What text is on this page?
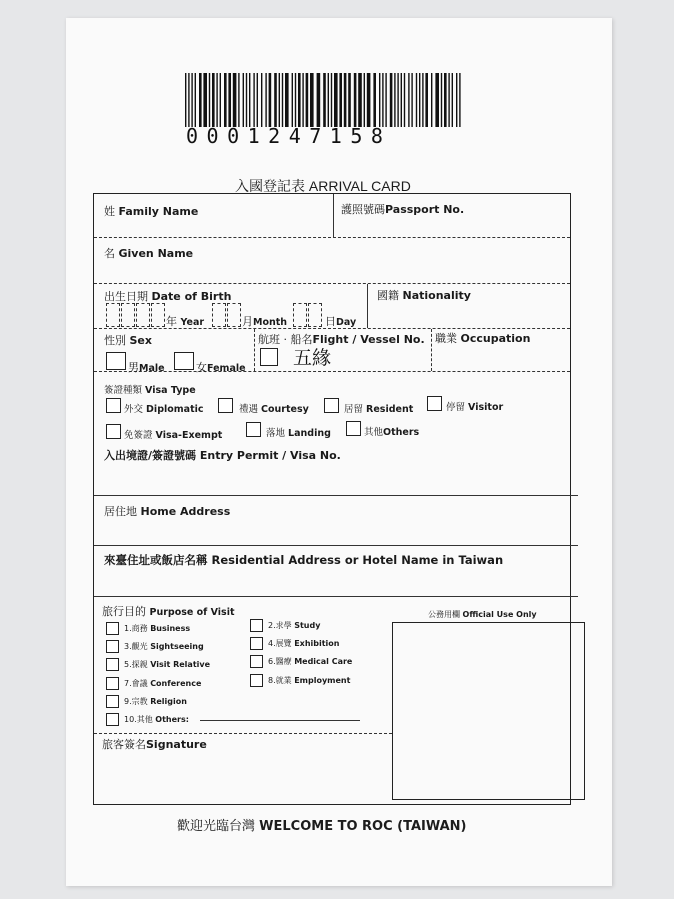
0001247158
入國登記表 ARRIVAL CARD
姓 Family Name	護照號碼Passport No.
名 Given Name
出生日期 Date of Birth
年 Year	月Month	日Day
國籍 Nationality
性別 Sex
男Male	女Female
航班 · 船名Flight / Vessel No.
五緣
職業 Occupation
簽證種類 Visa Type
外交 Diplomatic	禮遇 Courtesy	居留 Resident	停留 Visitor
免簽證 Visa-Exempt	落地 Landing	其他Others
入出境證/簽證號碼 Entry Permit / Visa No.
居住地 Home Address
來臺住址或飯店名稱 Residential Address or Hotel Name in Taiwan
旅行目的 Purpose of Visit
1.商務 Business	2.求學 Study
3.觀光 Sightseeing	4.展覽 Exhibition
5.探親 Visit Relative	6.醫療 Medical Care
7.會議 Conference	8.就業 Employment
9.宗教 Religion
10.其他 Others:
公務用欄 Official Use Only
旅客簽名Signature
歡迎光臨台灣 WELCOME TO ROC (TAIWAN)
